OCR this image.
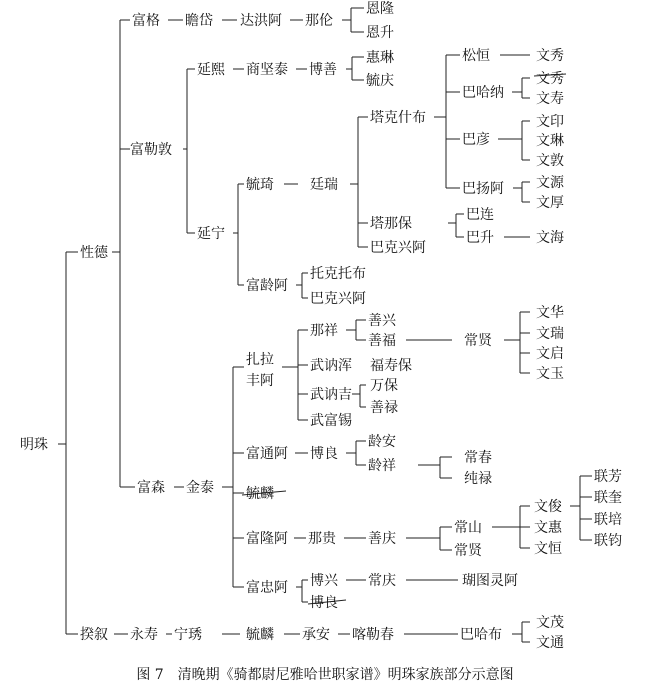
明珠
性德
揆叙
富格 瞻岱 达洪阿 那伦
恩隆
恩升
富勒敦
延熙 商坚泰 博善
惠琳
毓庆
延宁
毓琦	廷瑞
塔克什布
松恒	文秀
巴哈纳
文秀
文寿
巴彦
文印
文琳
文敦
巴扬阿 文源
文厚
塔那保
巴连
巴升	文海
巴克兴阿
富龄阿
托克托布
巴克兴阿
富森 金泰
扎拉
丰阿
那祥
善兴
善福	常贤
文华
文瑞
文启
文玉
武讷浑 福寿保
武讷吉
万保
善禄
武富锡
富通阿 博良
龄安
龄祥	常春
纯禄
毓麟
富隆阿 那贵 善庆
常山
常贤
文俊
文惠
文恒
联芳
联奎
联培
联钧
富忠阿 博兴 常庆	瑚图灵阿
博良
永寿 宁琇	毓麟 承安 喀勒春	巴哈布
文茂
文通
图 7　清晚期《骑都尉尼雅哈世职家谱》明珠家族部分示意图
